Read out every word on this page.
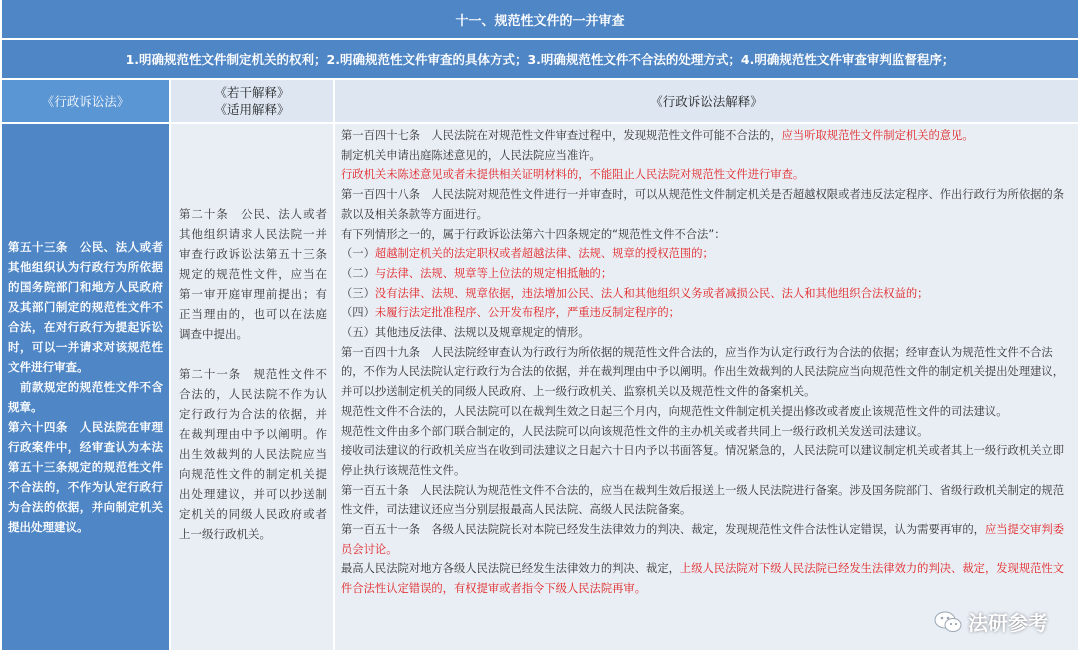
十一、规范性文件的一并审查
1.明确规范性文件制定机关的权利；2.明确规范性文件审查的具体方式；3.明确规范性文件不合法的处理方式；4.明确规范性文件审查审判监督程序；
《行政诉讼法》
《若干解释》
《适用解释》
《行政诉讼法解释》

第五十三条　公民、法人或者其他组织认为行政行为所依据的国务院部门和地方人民政府及其部门制定的规范性文件不合法，在对行政行为提起诉讼时，可以一并请求对该规范性文件进行审查。

　前款规定的规范性文件不含规章。

第六十四条　人民法院在审理行政案件中，经审查认为本法第五十三条规定的规范性文件不合法的，不作为认定行政行为合法的依据，并向制定机关提出处理建议。

第二十条　公民、法人或者其他组织请求人民法院一并审查行政诉讼法第五十三条规定的规范性文件，应当在第一审开庭审理前提出；有正当理由的，也可以在法庭调查中提出。

第二十一条　规范性文件不合法的，人民法院不作为认定行政行为合法的依据，并在裁判理由中予以阐明。作出生效裁判的人民法院应当向规范性文件的制定机关提出处理建议，并可以抄送制定机关的同级人民政府或者上一级行政机关。

第一百四十七条　人民法院在对规范性文件审查过程中，发现规范性文件可能不合法的，应当听取规范性文件制定机关的意见。

制定机关申请出庭陈述意见的，人民法院应当准许。

行政机关未陈述意见或者未提供相关证明材料的，不能阻止人民法院对规范性文件进行审查。

第一百四十八条　人民法院对规范性文件进行一并审查时，可以从规范性文件制定机关是否超越权限或者违反法定程序、作出行政行为所依据的条款以及相关条款等方面进行。

有下列情形之一的，属于行政诉讼法第六十四条规定的“规范性文件不合法”：

（一）超越制定机关的法定职权或者超越法律、法规、规章的授权范围的；

（二）与法律、法规、规章等上位法的规定相抵触的；

（三）没有法律、法规、规章依据，违法增加公民、法人和其他组织义务或者减损公民、法人和其他组织合法权益的；

（四）未履行法定批准程序、公开发布程序，严重违反制定程序的；

（五）其他违反法律、法规以及规章规定的情形。

第一百四十九条　人民法院经审查认为行政行为所依据的规范性文件合法的，应当作为认定行政行为合法的依据；经审查认为规范性文件不合法的，不作为人民法院认定行政行为合法的依据，并在裁判理由中予以阐明。作出生效裁判的人民法院应当向规范性文件的制定机关提出处理建议，并可以抄送制定机关的同级人民政府、上一级行政机关、监察机关以及规范性文件的备案机关。

规范性文件不合法的，人民法院可以在裁判生效之日起三个月内，向规范性文件制定机关提出修改或者废止该规范性文件的司法建议。

规范性文件由多个部门联合制定的，人民法院可以向该规范性文件的主办机关或者共同上一级行政机关发送司法建议。

接收司法建议的行政机关应当在收到司法建议之日起六十日内予以书面答复。情况紧急的，人民法院可以建议制定机关或者其上一级行政机关立即停止执行该规范性文件。

第一百五十条　人民法院认为规范性文件不合法的，应当在裁判生效后报送上一级人民法院进行备案。涉及国务院部门、省级行政机关制定的规范性文件，司法建议还应当分别层报最高人民法院、高级人民法院备案。

第一百五十一条　各级人民法院院长对本院已经发生法律效力的判决、裁定，发现规范性文件合法性认定错误，认为需要再审的，应当提交审判委员会讨论。

最高人民法院对地方各级人民法院已经发生法律效力的判决、裁定，上级人民法院对下级人民法院已经发生法律效力的判决、裁定，发现规范性文件合法性认定错误的，有权提审或者指令下级人民法院再审。

法研参考
